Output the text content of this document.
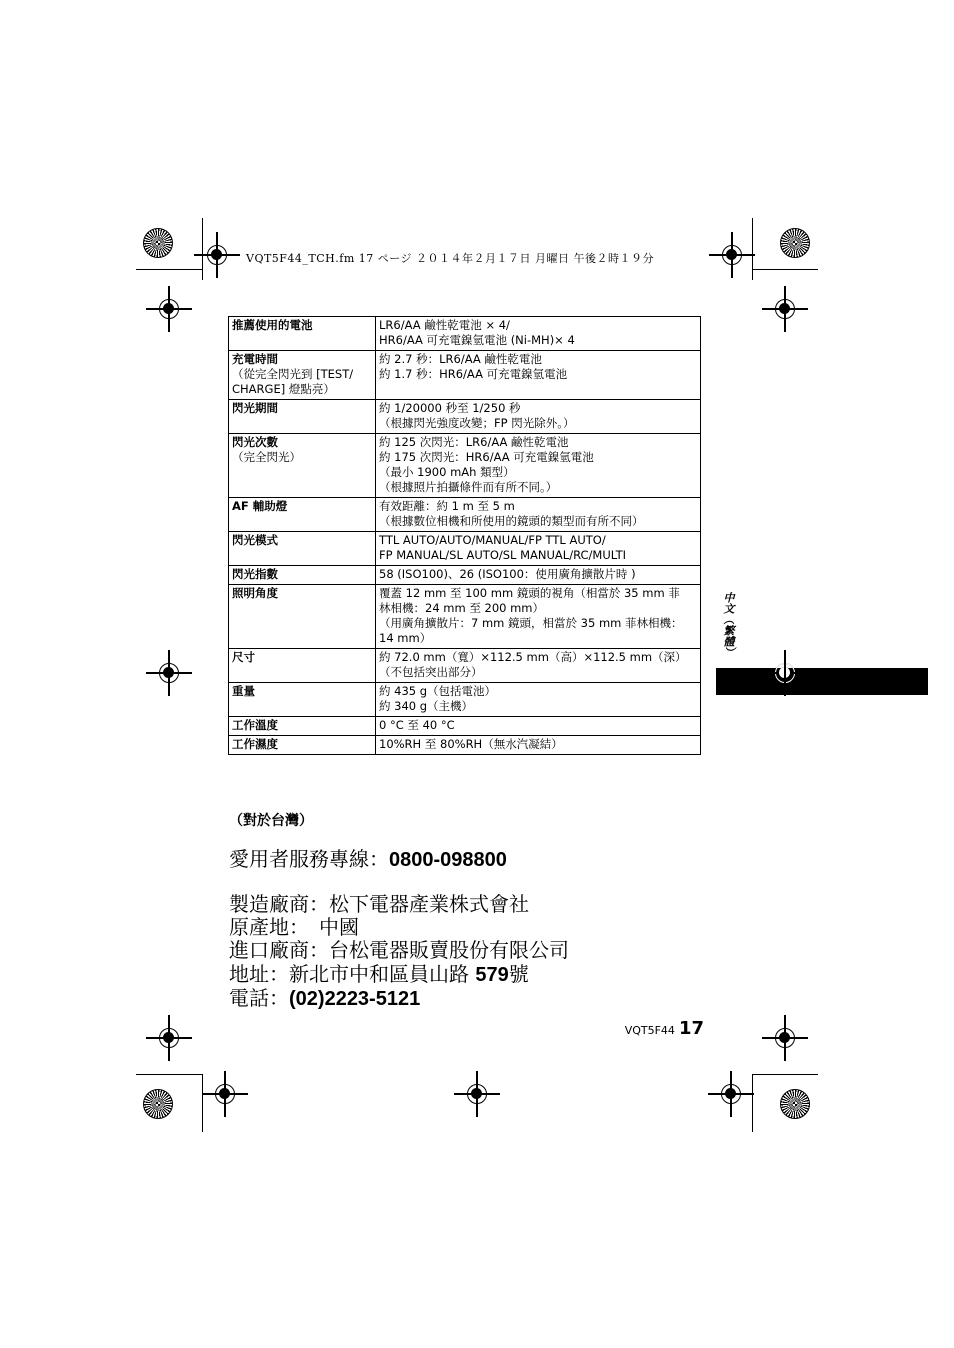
VQT5F44_TCH.fm 17 ページ ２０１４年２月１７日 月曜日 午後２時１９分
推薦使用的電池	LR6/AA 鹼性乾電池 × 4/
HR6/AA 可充電鎳氫電池 (Ni-MH)× 4

充電時間
（從完全閃光到 [TEST/
CHARGE] 燈點亮）	約 2.7 秒：LR6/AA 鹼性乾電池
約 1.7 秒：HR6/AA 可充電鎳氫電池

閃光期間	約 1/20000 秒至 1/250 秒
（根據閃光強度改變；FP 閃光除外。）

閃光次數
（完全閃光）	約 125 次閃光：LR6/AA 鹼性乾電池
約 175 次閃光：HR6/AA 可充電鎳氫電池
（最小 1900 mAh 類型）
（根據照片拍攝條件而有所不同。）

AF 輔助燈	有效距離：約 1 m 至 5 m
（根據數位相機和所使用的鏡頭的類型而有所不同）

閃光模式	TTL AUTO/AUTO/MANUAL/FP TTL AUTO/
FP MANUAL/SL AUTO/SL MANUAL/RC/MULTI

閃光指數	58 (ISO100)、26 (ISO100：使用廣角擴散片時 )

照明角度	覆蓋 12 mm 至 100 mm 鏡頭的視角（相當於 35 mm 菲
林相機：24 mm 至 200 mm）
（用廣角擴散片：7 mm 鏡頭，相當於 35 mm 菲林相機：
14 mm）

尺寸	約 72.0 mm（寬）×112.5 mm（高）×112.5 mm（深）
（不包括突出部分）

重量	約 435 g（包括電池）
約 340 g（主機）

工作溫度	0 °C 至 40 °C

工作濕度	10%RH 至 80%RH（無水汽凝結）
中文（繁體）
（對於台灣）
愛用者服務專線：0800-098800
製造廠商：松下電器產業株式會社
原產地：　中國
進口廠商：台松電器販賣股份有限公司
地址：新北市中和區員山路 579號
電話：(02)2223-5121
VQT5F44 17
